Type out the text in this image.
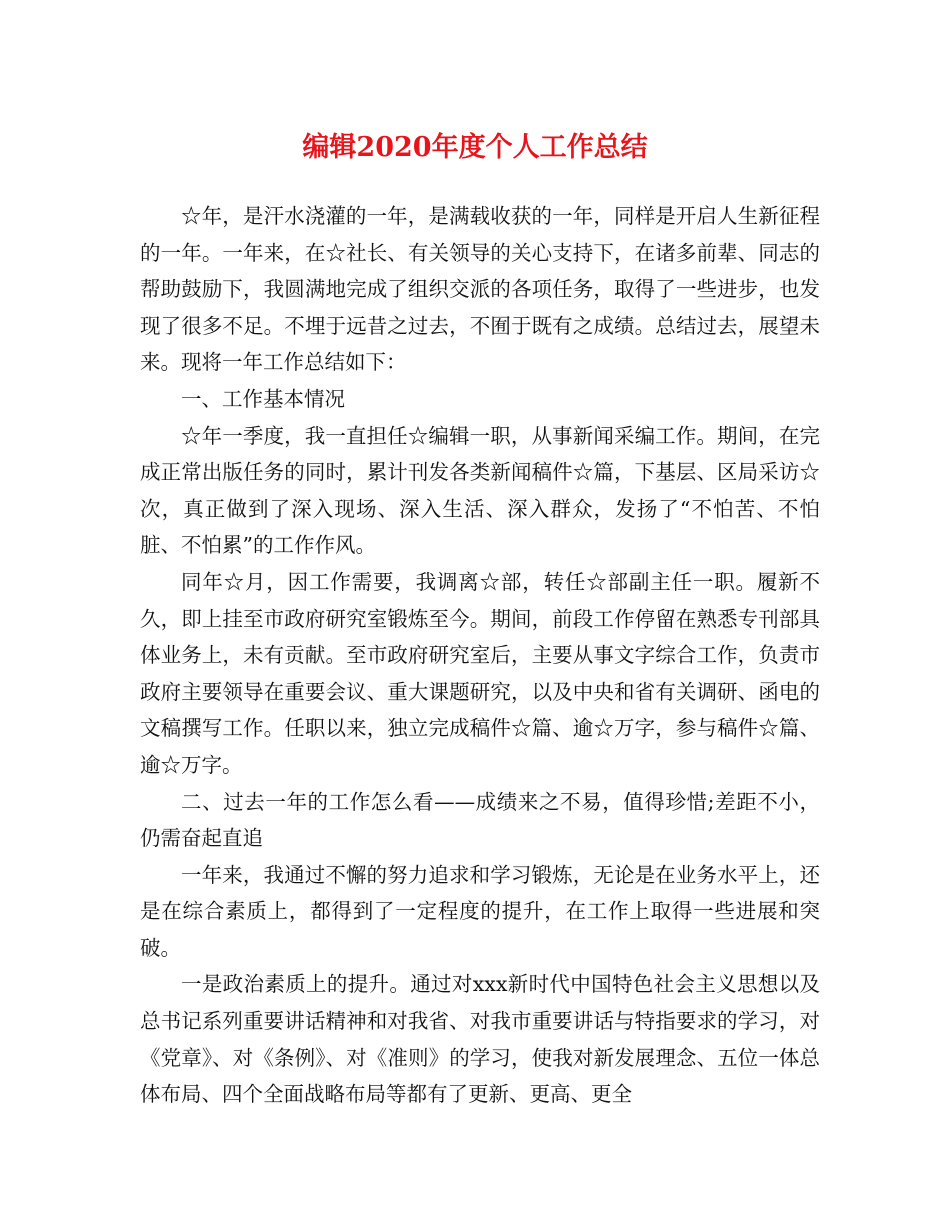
编辑2020年度个人工作总结

☆年，是汗水浇灌的一年，是满载收获的一年，同样是开启人生新征程的一年。一年来，在☆社长、有关领导的关心支持下，在诸多前辈、同志的帮助鼓励下，我圆满地完成了组织交派的各项任务，取得了一些进步，也发现了很多不足。不埋于远昔之过去，不囿于既有之成绩。总结过去，展望未来。现将一年工作总结如下：

一、工作基本情况

☆年一季度，我一直担任☆编辑一职，从事新闻采编工作。期间，在完成正常出版任务的同时，累计刊发各类新闻稿件☆篇，下基层、区局采访☆次，真正做到了深入现场、深入生活、深入群众，发扬了“不怕苦、不怕脏、不怕累”的工作作风。

同年☆月，因工作需要，我调离☆部，转任☆部副主任一职。履新不久，即上挂至市政府研究室锻炼至今。期间，前段工作停留在熟悉专刊部具体业务上，未有贡献。至市政府研究室后，主要从事文字综合工作，负责市政府主要领导在重要会议、重大课题研究，以及中央和省有关调研、函电的文稿撰写工作。任职以来，独立完成稿件☆篇、逾☆万字，参与稿件☆篇、逾☆万字。

二、过去一年的工作怎么看——成绩来之不易，值得珍惜;差距不小，仍需奋起直追

一年来，我通过不懈的努力追求和学习锻炼，无论是在业务水平上，还是在综合素质上，都得到了一定程度的提升，在工作上取得一些进展和突破。

一是政治素质上的提升。通过对xxx新时代中国特色社会主义思想以及总书记系列重要讲话精神和对我省、对我市重要讲话与特指要求的学习，对《党章》、对《条例》、对《准则》的学习，使我对新发展理念、五位一体总体布局、四个全面战略布局等都有了更新、更高、更全
